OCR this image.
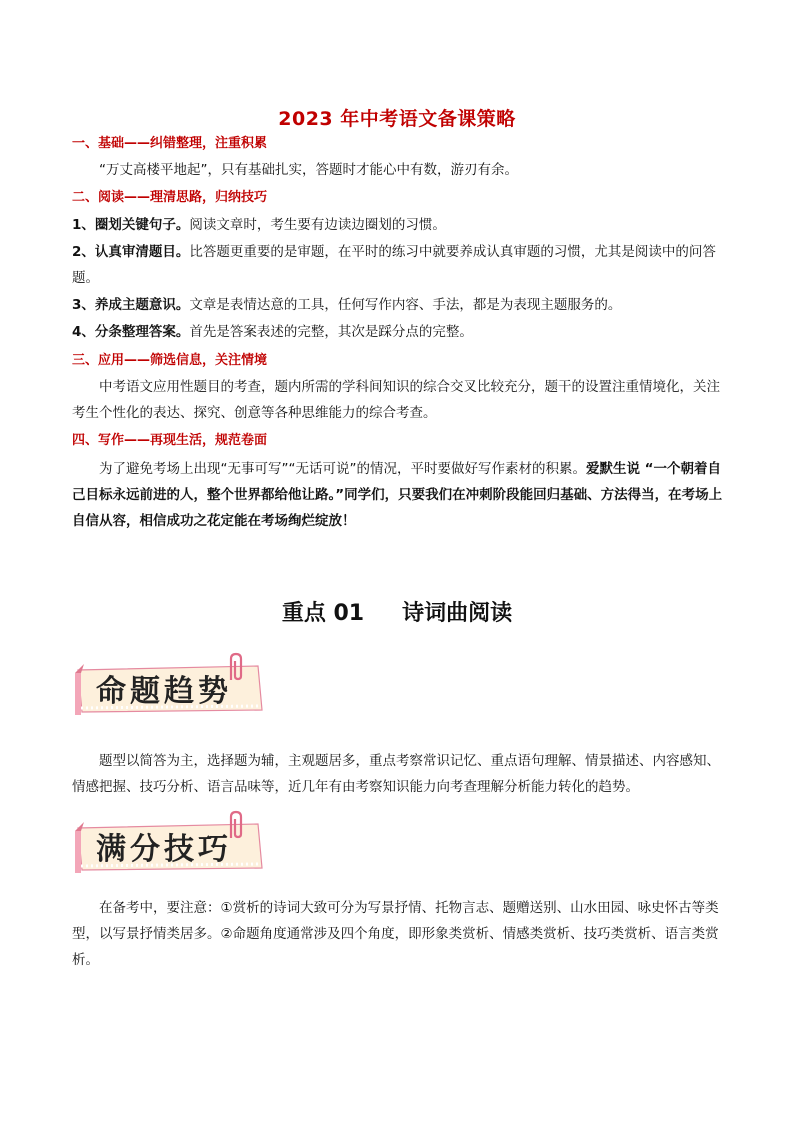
2023 年中考语文备课策略
一、基础——纠错整理，注重积累
“万丈高楼平地起”，只有基础扎实，答题时才能心中有数，游刃有余。
二、阅读——理清思路，归纳技巧
1、圈划关键句子。阅读文章时，考生要有边读边圈划的习惯。
2、认真审清题目。比答题更重要的是审题，在平时的练习中就要养成认真审题的习惯，尤其是阅读中的问答题。
3、养成主题意识。文章是表情达意的工具，任何写作内容、手法，都是为表现主题服务的。
4、分条整理答案。首先是答案表述的完整，其次是踩分点的完整。
三、应用——筛选信息，关注情境
中考语文应用性题目的考查，题内所需的学科间知识的综合交叉比较充分，题干的设置注重情境化，关注考生个性化的表达、探究、创意等各种思维能力的综合考查。
四、写作——再现生活，规范卷面
为了避免考场上出现“无事可写”“无话可说”的情况，平时要做好写作素材的积累。爱默生说 “一个朝着自己目标永远前进的人，整个世界都给他让路。”同学们，只要我们在冲刺阶段能回归基础、方法得当，在考场上自信从容，相信成功之花定能在考场绚烂绽放！
重点 01 诗词曲阅读
命题趋势
题型以简答为主，选择题为辅，主观题居多，重点考察常识记忆、重点语句理解、情景描述、内容感知、情感把握、技巧分析、语言品味等，近几年有由考察知识能力向考查理解分析能力转化的趋势。
满分技巧
在备考中，要注意：①赏析的诗词大致可分为写景抒情、托物言志、题赠送别、山水田园、咏史怀古等类型，以写景抒情类居多。②命题角度通常涉及四个角度，即形象类赏析、情感类赏析、技巧类赏析、语言类赏析。
